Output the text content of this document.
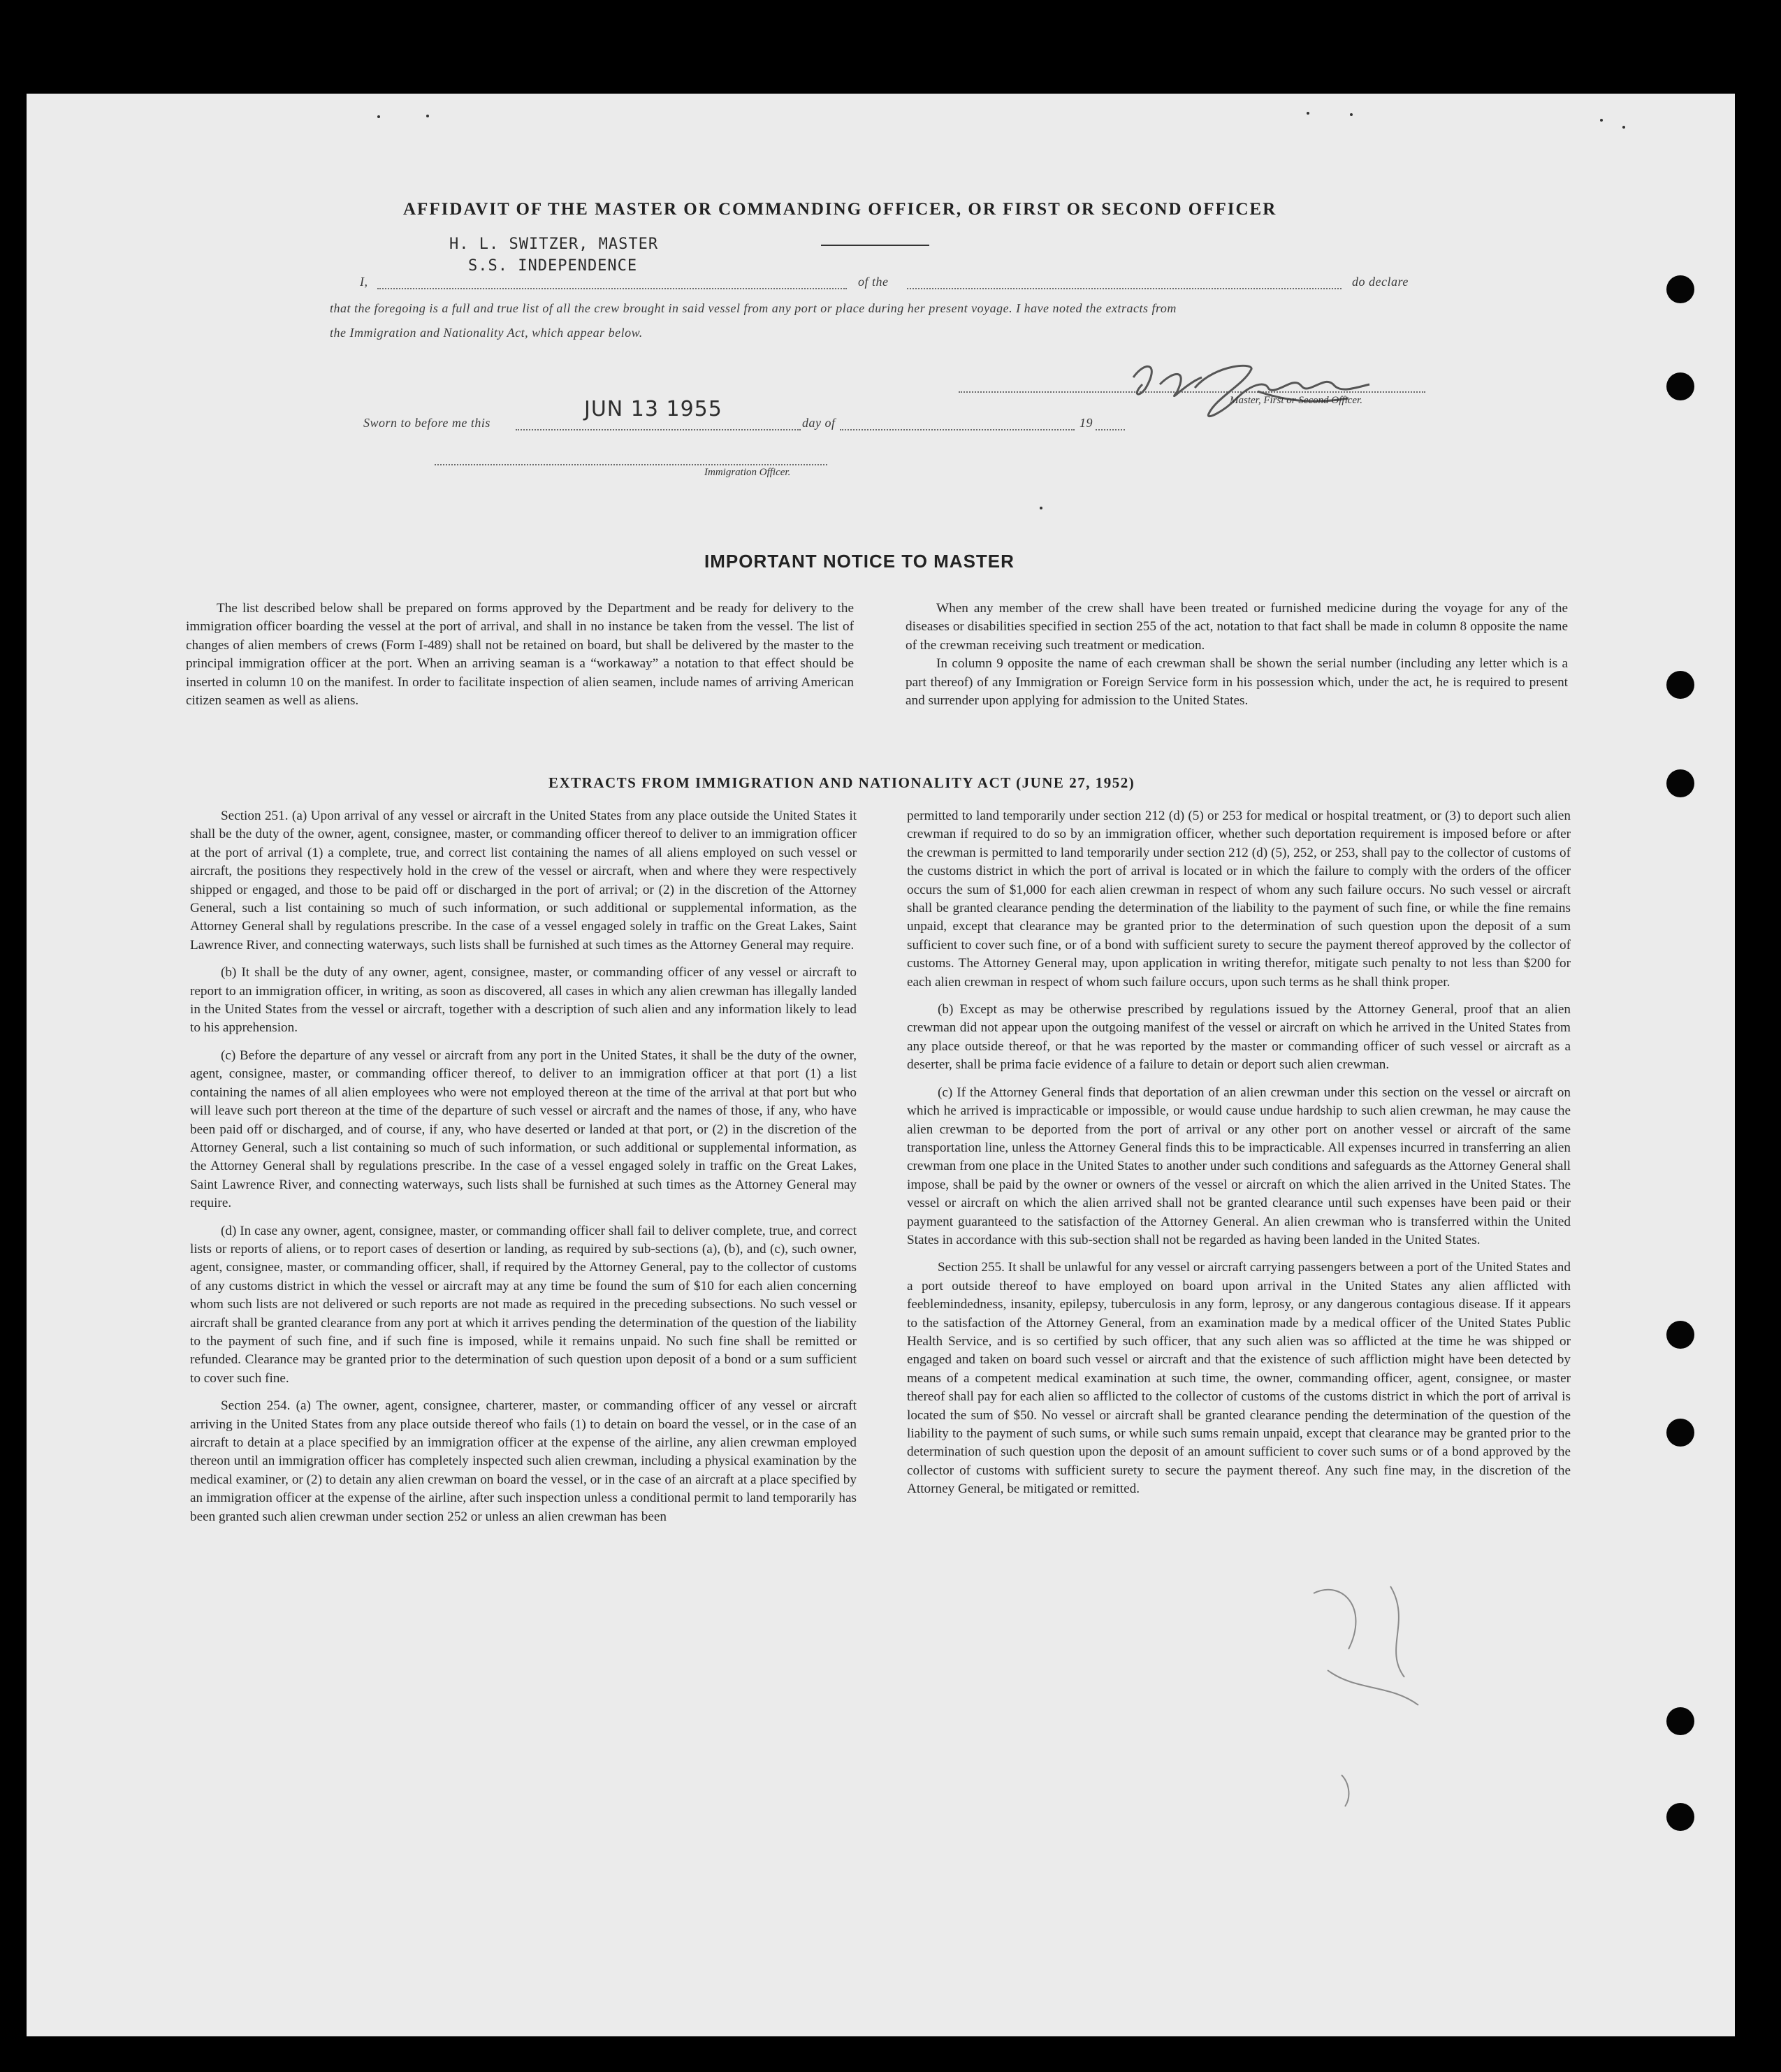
AFFIDAVIT OF THE MASTER OR COMMANDING OFFICER, OR FIRST OR SECOND OFFICER
H. L. SWITZER, MASTER
S.S. INDEPENDENCE
I,	of the	do declare
that the foregoing is a full and true list of all the crew brought in said vessel from any port or place during her present voyage. I have noted the extracts from
the Immigration and Nationality Act, which appear below.
Master, First or Second Officer.
Sworn to before me this
JUN 13 1955
day of	19
Immigration Officer.
IMPORTANT NOTICE TO MASTER

The list described below shall be prepared on forms approved by the Department and be ready for delivery to the immigration officer boarding the vessel at the port of arrival, and shall in no instance be taken from the vessel. The list of changes of alien members of crews (Form I-489) shall not be retained on board, but shall be delivered by the master to the principal immigration officer at the port. When an arriving seaman is a “workaway” a notation to that effect should be inserted in column 10 on the manifest. In order to facilitate inspection of alien seamen, include names of arriving American citizen seamen as well as aliens.

When any member of the crew shall have been treated or furnished medicine during the voyage for any of the diseases or disabilities specified in section 255 of the act, notation to that fact shall be made in column 8 opposite the name of the crewman receiving such treatment or medication.

In column 9 opposite the name of each crewman shall be shown the serial number (including any letter which is a part thereof) of any Immigration or Foreign Service form in his possession which, under the act, he is required to present and surrender upon applying for admission to the United States.

EXTRACTS FROM IMMIGRATION AND NATIONALITY ACT (JUNE 27, 1952)

Section 251. (a) Upon arrival of any vessel or aircraft in the United States from any place outside the United States it shall be the duty of the owner, agent, consignee, master, or commanding officer thereof to deliver to an immigration officer at the port of arrival (1) a complete, true, and correct list containing the names of all aliens employed on such vessel or aircraft, the positions they respectively hold in the crew of the vessel or aircraft, when and where they were respectively shipped or engaged, and those to be paid off or discharged in the port of arrival; or (2) in the discretion of the Attorney General, such a list containing so much of such information, or such additional or supplemental information, as the Attorney General shall by regulations prescribe. In the case of a vessel engaged solely in traffic on the Great Lakes, Saint Lawrence River, and connecting waterways, such lists shall be furnished at such times as the Attorney General may require.

(b) It shall be the duty of any owner, agent, consignee, master, or commanding officer of any vessel or aircraft to report to an immigration officer, in writing, as soon as discovered, all cases in which any alien crewman has illegally landed in the United States from the vessel or aircraft, together with a description of such alien and any information likely to lead to his apprehension.

(c) Before the departure of any vessel or aircraft from any port in the United States, it shall be the duty of the owner, agent, consignee, master, or commanding officer thereof, to deliver to an immigration officer at that port (1) a list containing the names of all alien employees who were not employed thereon at the time of the arrival at that port but who will leave such port thereon at the time of the departure of such vessel or aircraft and the names of those, if any, who have been paid off or discharged, and of course, if any, who have deserted or landed at that port, or (2) in the discretion of the Attorney General, such a list containing so much of such information, or such additional or supplemental information, as the Attorney General shall by regulations prescribe. In the case of a vessel engaged solely in traffic on the Great Lakes, Saint Lawrence River, and connecting waterways, such lists shall be furnished at such times as the Attorney General may require.

(d) In case any owner, agent, consignee, master, or commanding officer shall fail to deliver complete, true, and correct lists or reports of aliens, or to report cases of desertion or landing, as required by sub-sections (a), (b), and (c), such owner, agent, consignee, master, or commanding officer, shall, if required by the Attorney General, pay to the collector of customs of any customs district in which the vessel or aircraft may at any time be found the sum of $10 for each alien concerning whom such lists are not delivered or such reports are not made as required in the preceding subsections. No such vessel or aircraft shall be granted clearance from any port at which it arrives pending the determination of the question of the liability to the payment of such fine, and if such fine is imposed, while it remains unpaid. No such fine shall be remitted or refunded. Clearance may be granted prior to the determination of such question upon deposit of a bond or a sum sufficient to cover such fine.

Section 254. (a) The owner, agent, consignee, charterer, master, or commanding officer of any vessel or aircraft arriving in the United States from any place outside thereof who fails (1) to detain on board the vessel, or in the case of an aircraft to detain at a place specified by an immigration officer at the expense of the airline, any alien crewman employed thereon until an immigration officer has completely inspected such alien crewman, including a physical examination by the medical examiner, or (2) to detain any alien crewman on board the vessel, or in the case of an aircraft at a place specified by an immigration officer at the expense of the airline, after such inspection unless a conditional permit to land temporarily has been granted such alien crewman under section 252 or unless an alien crewman has been

permitted to land temporarily under section 212 (d) (5) or 253 for medical or hospital treatment, or (3) to deport such alien crewman if required to do so by an immigration officer, whether such deportation requirement is imposed before or after the crewman is permitted to land temporarily under section 212 (d) (5), 252, or 253, shall pay to the collector of customs of the customs district in which the port of arrival is located or in which the failure to comply with the orders of the officer occurs the sum of $1,000 for each alien crewman in respect of whom any such failure occurs. No such vessel or aircraft shall be granted clearance pending the determination of the liability to the payment of such fine, or while the fine remains unpaid, except that clearance may be granted prior to the determination of such question upon the deposit of a sum sufficient to cover such fine, or of a bond with sufficient surety to secure the payment thereof approved by the collector of customs. The Attorney General may, upon application in writing therefor, mitigate such penalty to not less than $200 for each alien crewman in respect of whom such failure occurs, upon such terms as he shall think proper.

(b) Except as may be otherwise prescribed by regulations issued by the Attorney General, proof that an alien crewman did not appear upon the outgoing manifest of the vessel or aircraft on which he arrived in the United States from any place outside thereof, or that he was reported by the master or commanding officer of such vessel or aircraft as a deserter, shall be prima facie evidence of a failure to detain or deport such alien crewman.

(c) If the Attorney General finds that deportation of an alien crewman under this section on the vessel or aircraft on which he arrived is impracticable or impossible, or would cause undue hardship to such alien crewman, he may cause the alien crewman to be deported from the port of arrival or any other port on another vessel or aircraft of the same transportation line, unless the Attorney General finds this to be impracticable. All expenses incurred in transferring an alien crewman from one place in the United States to another under such conditions and safeguards as the Attorney General shall impose, shall be paid by the owner or owners of the vessel or aircraft on which the alien arrived in the United States. The vessel or aircraft on which the alien arrived shall not be granted clearance until such expenses have been paid or their payment guaranteed to the satisfaction of the Attorney General. An alien crewman who is transferred within the United States in accordance with this sub-section shall not be regarded as having been landed in the United States.

Section 255. It shall be unlawful for any vessel or aircraft carrying passengers between a port of the United States and a port outside thereof to have employed on board upon arrival in the United States any alien afflicted with feeblemindedness, insanity, epilepsy, tuberculosis in any form, leprosy, or any dangerous contagious disease. If it appears to the satisfaction of the Attorney General, from an examination made by a medical officer of the United States Public Health Service, and is so certified by such officer, that any such alien was so afflicted at the time he was shipped or engaged and taken on board such vessel or aircraft and that the existence of such affliction might have been detected by means of a competent medical examination at such time, the owner, commanding officer, agent, consignee, or master thereof shall pay for each alien so afflicted to the collector of customs of the customs district in which the port of arrival is located the sum of $50. No vessel or aircraft shall be granted clearance pending the determination of the question of the liability to the payment of such sums, or while such sums remain unpaid, except that clearance may be granted prior to the determination of such question upon the deposit of an amount sufficient to cover such sums or of a bond approved by the collector of customs with sufficient surety to secure the payment thereof. Any such fine may, in the discretion of the Attorney General, be mitigated or remitted.
